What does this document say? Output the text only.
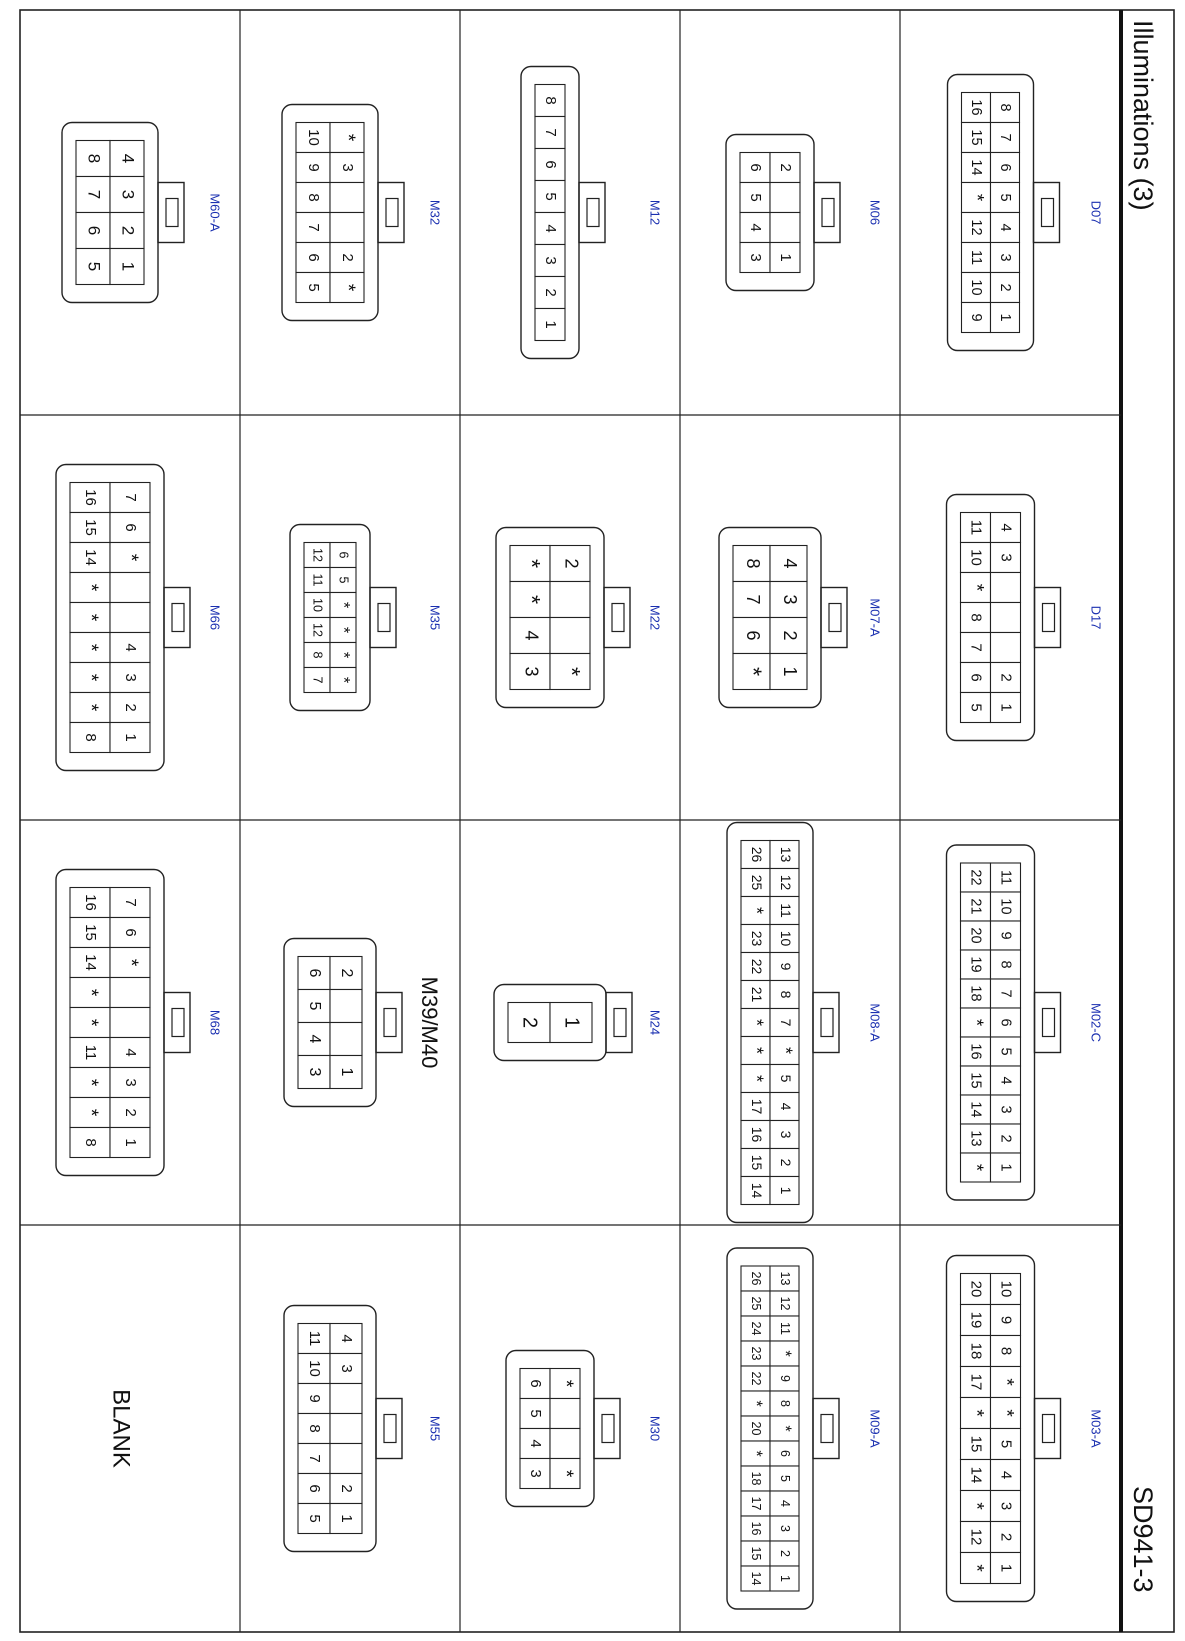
16
15
14
*
12
11
10
9
8
7
6
5
4
3
2
1
D07
6
5
4
3
2
1
M06
8
7
6
5
4
3
2
1
M12
10
9
8
7
6
5
*
3
2
*
M32
8
7
6
5
4
3
2
1
M60-A
11
10
*
8
7
6
5
4
3
2
1
D17
8
7
6
*
4
3
2
1
M07-A
*
*
4
3
2
*
M22
12
11
10
12
8
7
6
5
*
*
*
*
M35
16
15
14
*
*
*
*
*
8
7
6
*
4
3
2
1
M66
22
21
20
19
18
*
16
15
14
13
*
11
10
9
8
7
6
5
4
3
2
1
M02-C
26
25
*
23
22
21
*
*
*
17
16
15
14
13
12
11
10
9
8
7
*
5
4
3
2
1
M08-A
2 1	M24
6
5
4
3
2
1
M39/M40
16
15
14
*
*
11
*
*
8
7
6
*
4
3
2
1
M68
20
19
18
17
*
15
14
*
12
*
10
9
8
*
*
5
4
3
2
1
M03-A
26
25
24
23
22
*
20
*
18
17
16
15
14
13
12
11
*
9
8
*
6
5
4
3
2
1
M09-A
6
5
4
3
*
*
M30
11
10
9
8
7
6
5
4
3
2
1
M55
BLANK
Illuminations (3)
SD941-3
